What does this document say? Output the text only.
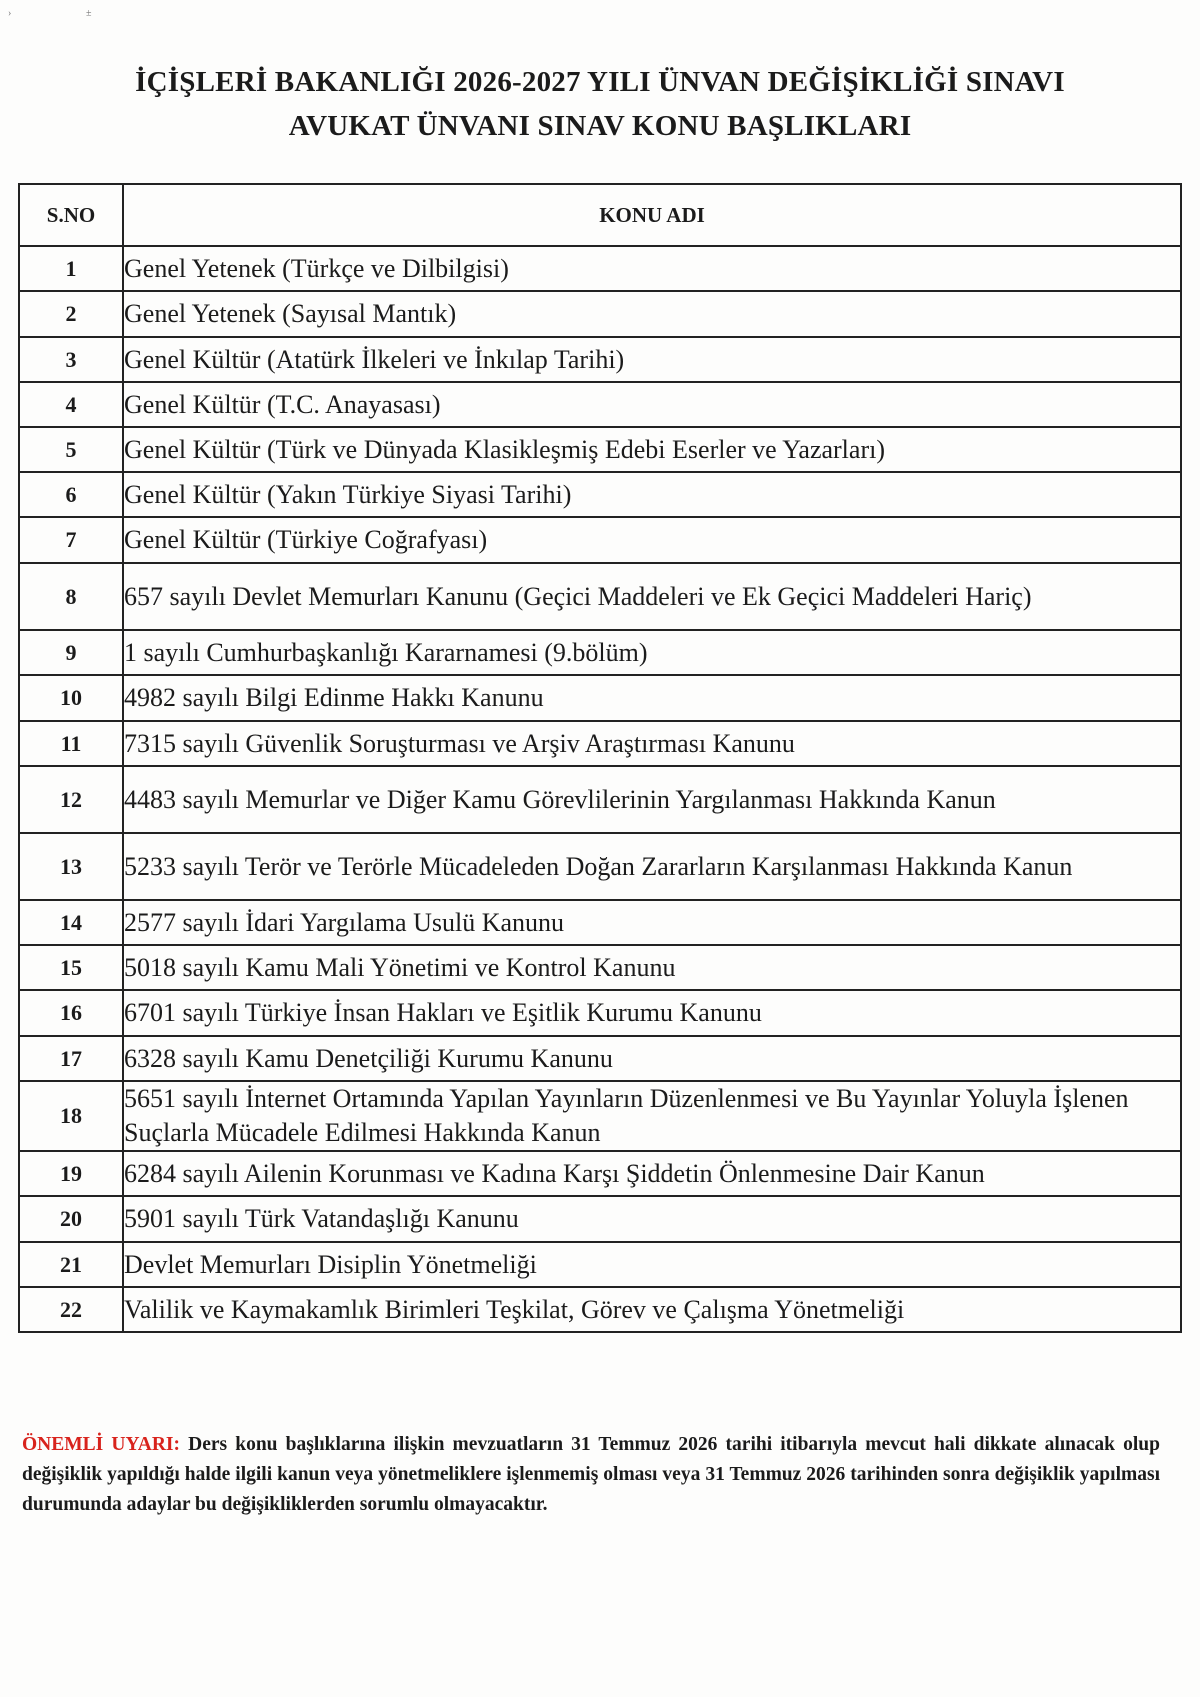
›	±
İÇİŞLERİ BAKANLIĞI 2026-2027 YILI ÜNVAN DEĞİŞİKLİĞİ SINAVI
AVUKAT ÜNVANI SINAV KONU BAŞLIKLARI
S.NO	KONU ADI
1	Genel Yetenek (Türkçe ve Dilbilgisi)
2	Genel Yetenek (Sayısal Mantık)
3	Genel Kültür (Atatürk İlkeleri ve İnkılap Tarihi)
4	Genel Kültür (T.C. Anayasası)
5	Genel Kültür (Türk ve Dünyada Klasikleşmiş Edebi Eserler ve Yazarları)
6	Genel Kültür (Yakın Türkiye Siyasi Tarihi)
7	Genel Kültür (Türkiye Coğrafyası)
8	657 sayılı Devlet Memurları Kanunu (Geçici Maddeleri ve Ek Geçici Maddeleri Hariç)
9	1 sayılı Cumhurbaşkanlığı Kararnamesi (9.bölüm)
10	4982 sayılı Bilgi Edinme Hakkı Kanunu
11	7315 sayılı Güvenlik Soruşturması ve Arşiv Araştırması Kanunu
12	4483 sayılı Memurlar ve Diğer Kamu Görevlilerinin Yargılanması Hakkında Kanun
13	5233 sayılı Terör ve Terörle Mücadeleden Doğan Zararların Karşılanması Hakkında Kanun
14	2577 sayılı İdari Yargılama Usulü Kanunu
15	5018 sayılı Kamu Mali Yönetimi ve Kontrol Kanunu
16	6701 sayılı Türkiye İnsan Hakları ve Eşitlik Kurumu Kanunu
17	6328 sayılı Kamu Denetçiliği Kurumu Kanunu
18	5651 sayılı İnternet Ortamında Yapılan Yayınların Düzenlenmesi ve Bu Yayınlar Yoluyla İşlenen Suçlarla Mücadele Edilmesi Hakkında Kanun
19	6284 sayılı Ailenin Korunması ve Kadına Karşı Şiddetin Önlenmesine Dair Kanun
20	5901 sayılı Türk Vatandaşlığı Kanunu
21	Devlet Memurları Disiplin Yönetmeliği
22	Valilik ve Kaymakamlık Birimleri Teşkilat, Görev ve Çalışma Yönetmeliği
ÖNEMLİ UYARI: Ders konu başlıklarına ilişkin mevzuatların 31 Temmuz 2026 tarihi itibarıyla mevcut hali dikkate alınacak olup değişiklik yapıldığı halde ilgili kanun veya yönetmeliklere işlenmemiş olması veya 31 Temmuz 2026 tarihinden sonra değişiklik yapılması durumunda adaylar bu değişikliklerden sorumlu olmayacaktır.
